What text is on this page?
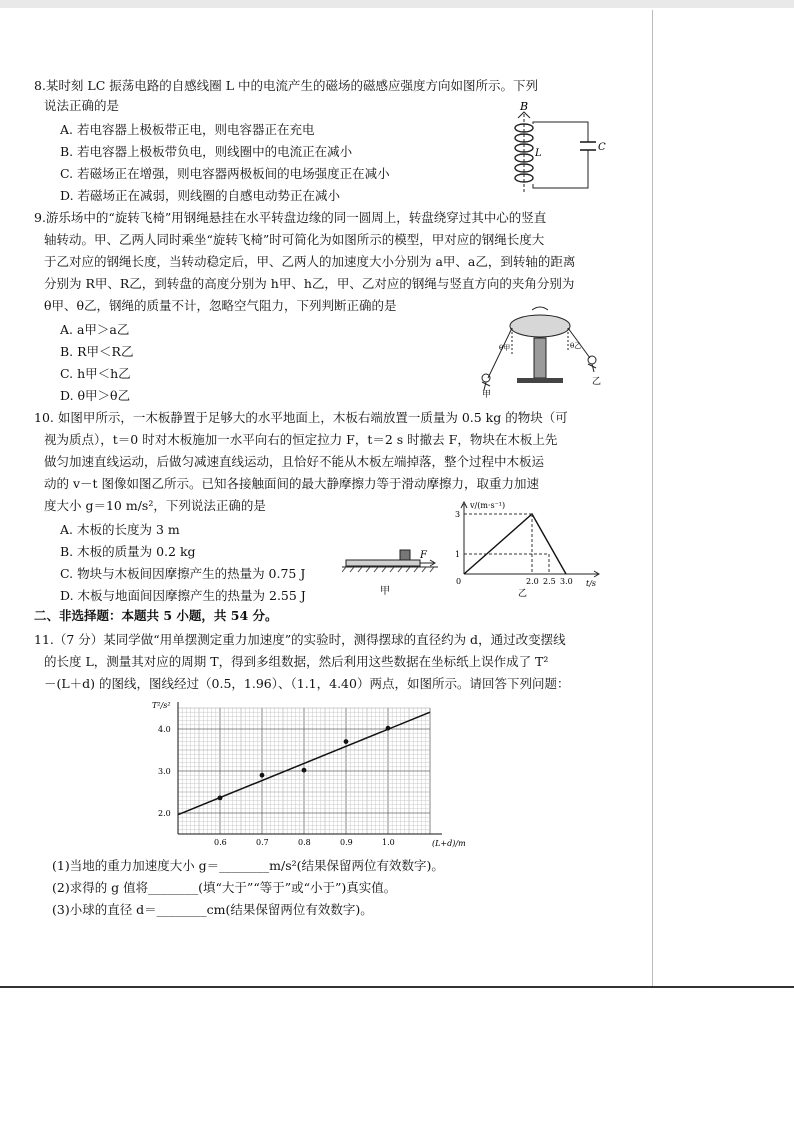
8.某时刻 LC 振荡电路的自感线圈 L 中的电流产生的磁场的磁感应强度方向如图所示。下列
说法正确的是
A. 若电容器上极板带正电，则电容器正在充电
B. 若电容器上极板带负电，则线圈中的电流正在减小
C. 若磁场正在增强，则电容器两极板间的电场强度正在减小
D. 若磁场正在减弱，则线圈的自感电动势正在减小
B
L
C
9.游乐场中的“旋转飞椅”用钢绳悬挂在水平转盘边缘的同一圆周上，转盘绕穿过其中心的竖直
轴转动。甲、乙两人同时乘坐“旋转飞椅”时可简化为如图所示的模型，甲对应的钢绳长度大
于乙对应的钢绳长度，当转动稳定后，甲、乙两人的加速度大小分别为 a甲、a乙，到转轴的距离
分别为 R甲、R乙，到转盘的高度分别为 h甲、h乙，甲、乙对应的钢绳与竖直方向的夹角分别为
θ甲、θ乙，钢绳的质量不计，忽略空气阻力，下列判断正确的是
A. a甲＞a乙
B. R甲＜R乙
C. h甲＜h乙
D. θ甲＞θ乙
θ甲	θ乙
甲
乙
10. 如图甲所示，一木板静置于足够大的水平地面上，木板右端放置一质量为 0.5 kg 的物块（可
视为质点），t＝0 时对木板施加一水平向右的恒定拉力 F，t＝2 s 时撤去 F，物块在木板上先
做匀加速直线运动，后做匀减速直线运动，且恰好不能从木板左端掉落，整个过程中木板运
动的 v－t 图像如图乙所示。已知各接触面间的最大静摩擦力等于滑动摩擦力，取重力加速
度大小 g＝10 m/s²，下列说法正确的是
A. 木板的长度为 3 m
B. 木板的质量为 0.2 kg
C. 物块与木板间因摩擦产生的热量为 0.75 J
D. 木板与地面间因摩擦产生的热量为 2.55 J
F
甲
v/(m·s⁻¹)
t/s
0
1
3
2.0 2.5 3.0
乙
二、非选择题：本题共 5 小题，共 54 分。
11.（7 分）某同学做“用单摆测定重力加速度”的实验时，测得摆球的直径约为 d，通过改变摆线
的长度 L，测量其对应的周期 T，得到多组数据，然后利用这些数据在坐标纸上误作成了 T²
－(L＋d) 的图线，图线经过（0.5，1.96）、（1.1，4.40）两点，如图所示。请回答下列问题：
T²/s²
(L+d)/m
0.6	0.7	0.8	0.9	1.0
2.0
3.0
4.0
(1)当地的重力加速度大小 g＝________m/s²(结果保留两位有效数字)。
(2)求得的 g 值将________(填“大于”“等于”或“小于”)真实值。
(3)小球的直径 d＝________cm(结果保留两位有效数字)。
